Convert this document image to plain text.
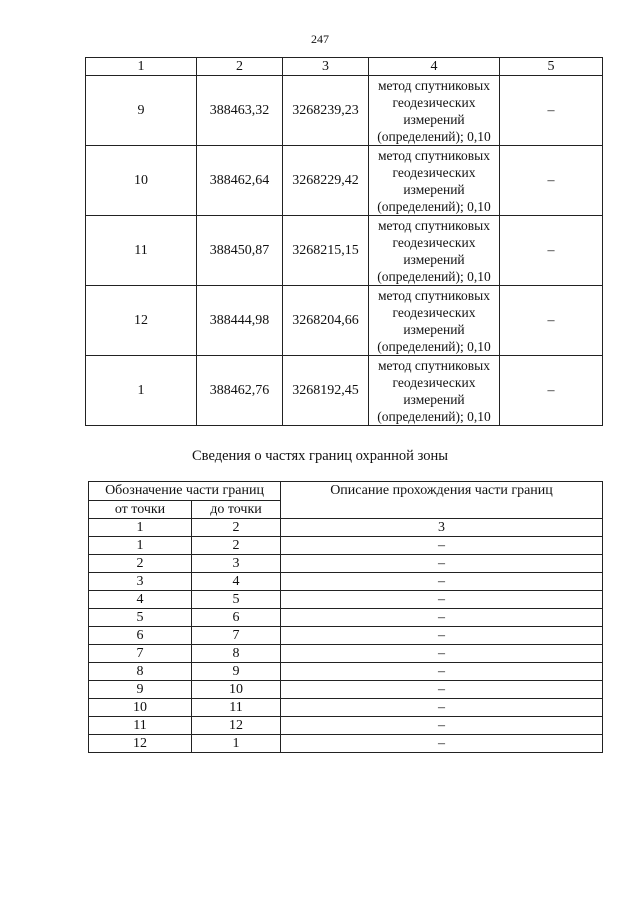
247
1	2	3	4	5
9	388463,32	3268239,23	метод спутниковых
геодезических
измерений
(определений); 0,10	–
10	388462,64	3268229,42	метод спутниковых
геодезических
измерений
(определений); 0,10	–
11	388450,87	3268215,15	метод спутниковых
геодезических
измерений
(определений); 0,10	–
12	388444,98	3268204,66	метод спутниковых
геодезических
измерений
(определений); 0,10	–
1	388462,76	3268192,45	метод спутниковых
геодезических
измерений
(определений); 0,10	–
Сведения о частях границ охранной зоны
Обозначение части границ		Описание прохождения части границ
от точки	до точки	
1	2	3
1	2	–
2	3	–
3	4	–
4	5	–
5	6	–
6	7	–
7	8	–
8	9	–
9	10	–
10	11	–
11	12	–
12	1	–
